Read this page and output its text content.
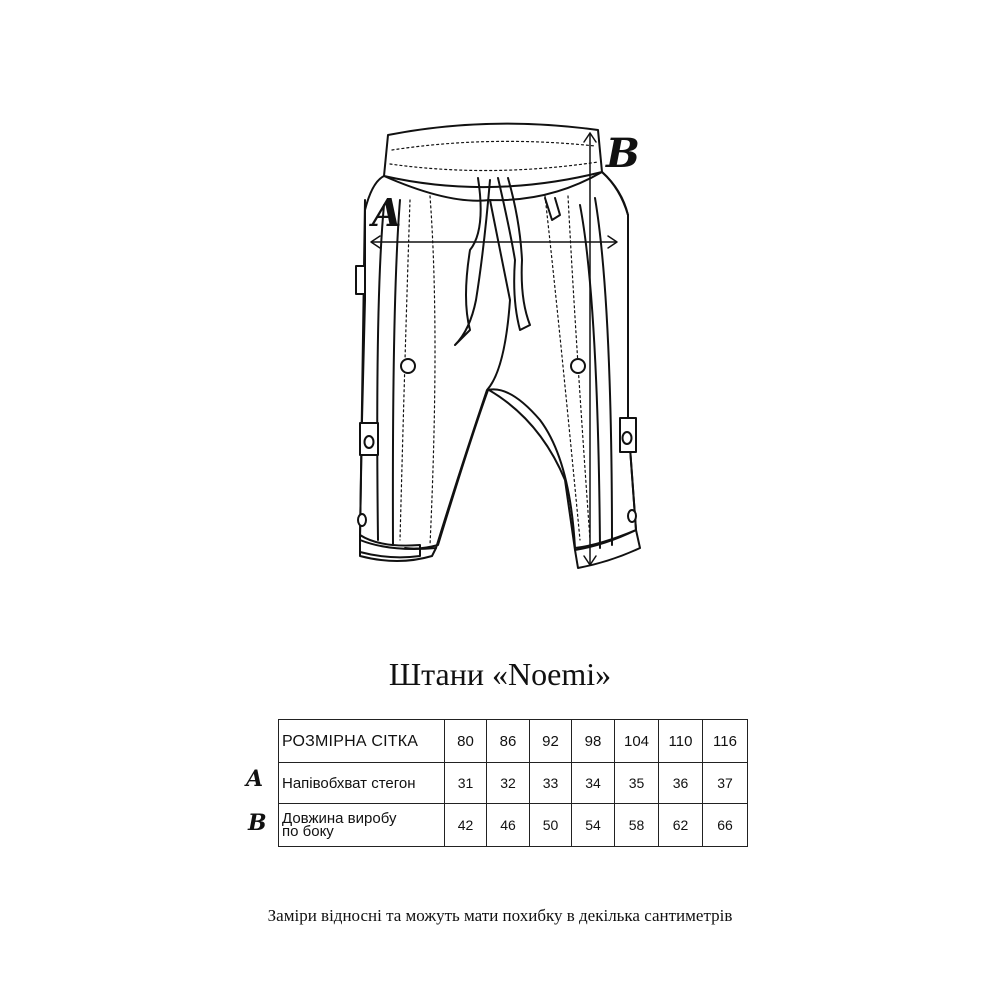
A
B
Штани «Noemi»
A
B
РОЗМІРНА СІТКА	80	86	92	98	104	110	116
Напівобхват стегон	31	32	33	34	35	36	37
Довжина виробу
по боку	42	46	50	54	58	62	66
Заміри відносні та можуть мати похибку в декілька сантиметрів
